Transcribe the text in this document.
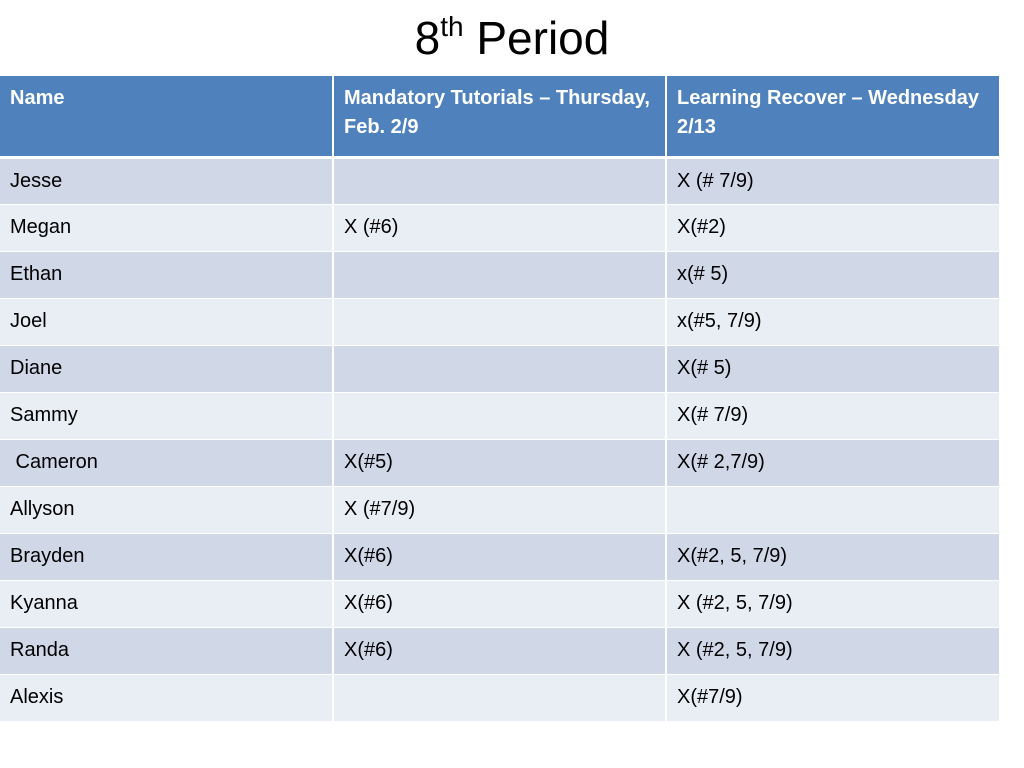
8th Period
Name	Mandatory Tutorials – Thursday, Feb. 2/9	Learning Recover – Wednesday 2/13
Jesse		X (# 7/9)
Megan	X (#6)	X(#2)
Ethan		x(# 5)
Joel		x(#5, 7/9)
Diane		X(# 5)
Sammy		X(# 7/9)
Cameron	X(#5)	X(# 2,7/9)
Allyson	X (#7/9)	
Brayden	X(#6)	X(#2, 5, 7/9)
Kyanna	X(#6)	X (#2, 5, 7/9)
Randa	X(#6)	X (#2, 5, 7/9)
Alexis		X(#7/9)
